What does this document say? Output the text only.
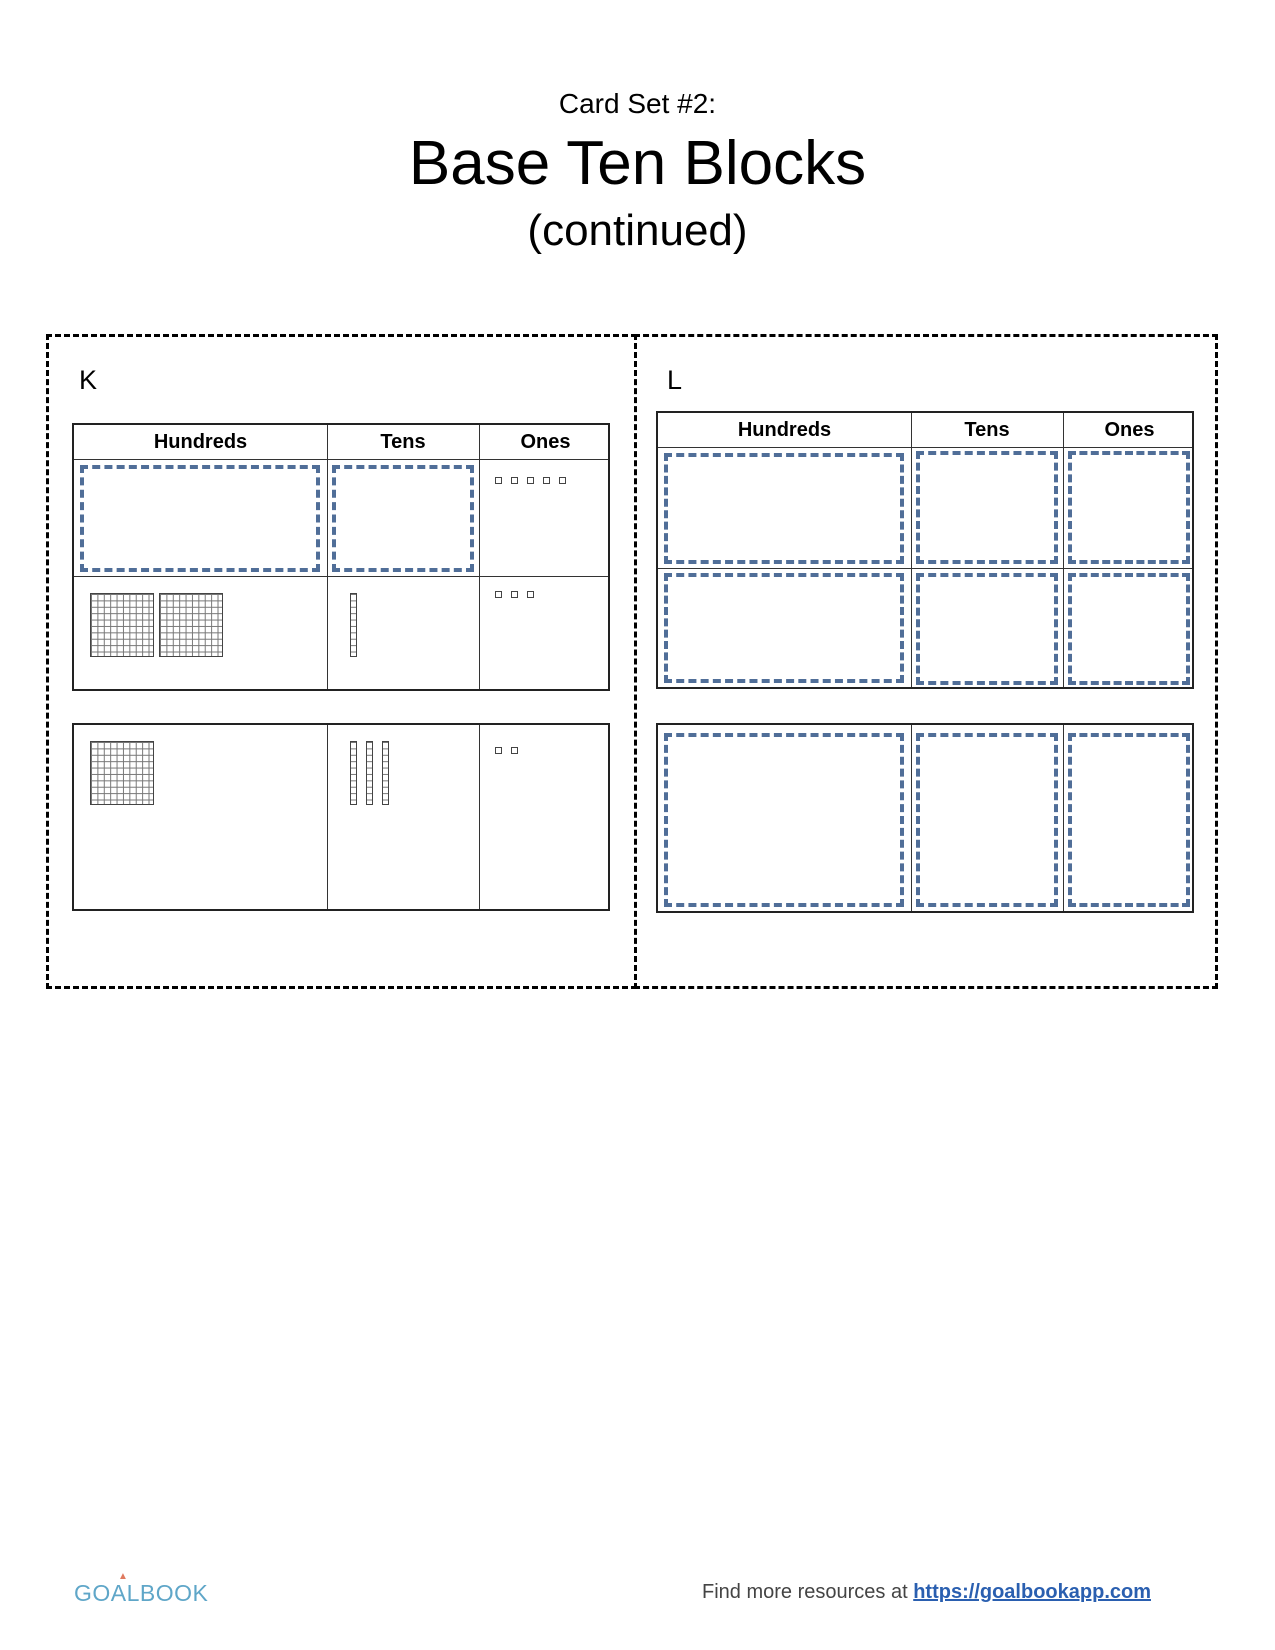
Card Set #2:
Base Ten Blocks
(continued)
K
Hundreds	Tens	Ones
L
Hundreds	Tens	Ones
▲
GOALBOOK	Find more resources at https://goalbookapp.com
